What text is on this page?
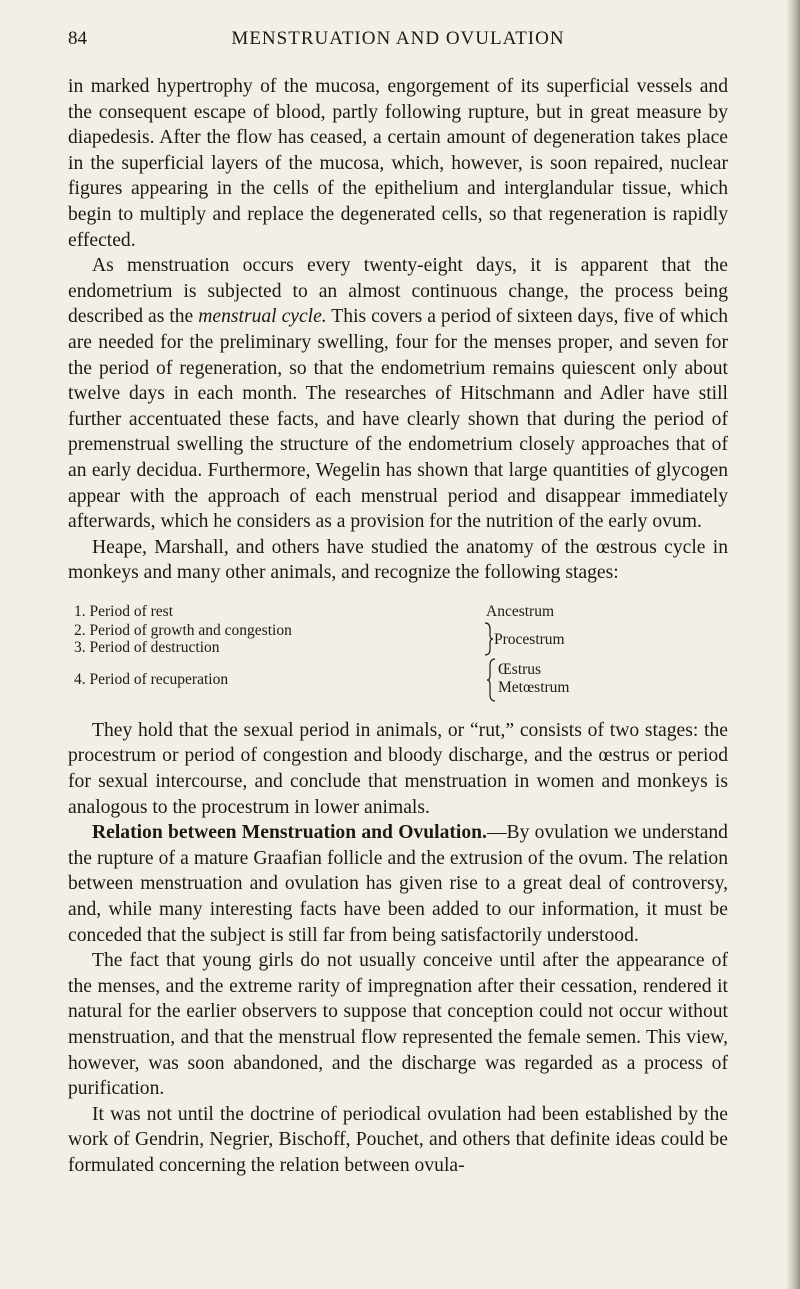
84	MENSTRUATION AND OVULATION

in marked hypertrophy of the mucosa, engorgement of its superficial vessels and the consequent escape of blood, partly following rupture, but in great measure by diapedesis. After the flow has ceased, a certain amount of degeneration takes place in the superficial layers of the mucosa, which, however, is soon repaired, nuclear figures appearing in the cells of the epithelium and interglandular tissue, which begin to multiply and replace the degenerated cells, so that regeneration is rapidly effected.

As menstruation occurs every twenty-eight days, it is apparent that the endometrium is subjected to an almost continuous change, the process being described as the menstrual cycle. This covers a period of sixteen days, five of which are needed for the preliminary swelling, four for the menses proper, and seven for the period of regeneration, so that the endometrium remains quiescent only about twelve days in each month. The researches of Hitschmann and Adler have still further accentuated these facts, and have clearly shown that during the period of premenstrual swelling the structure of the endometrium closely approaches that of an early decidua. Furthermore, Wegelin has shown that large quantities of glycogen appear with the approach of each menstrual period and disappear immediately afterwards, which he considers as a provision for the nutrition of the early ovum.

Heape, Marshall, and others have studied the anatomy of the œstrous cycle in monkeys and many other animals, and recognize the following stages:

1. Period of rest
2. Period of growth and congestion
3. Period of destruction
4. Period of recuperation
Ancestrum
Procestrum
Œstrus
Metœstrum

They hold that the sexual period in animals, or “rut,” consists of two stages: the procestrum or period of congestion and bloody discharge, and the œstrus or period for sexual intercourse, and conclude that menstruation in women and monkeys is analogous to the procestrum in lower animals.

Relation between Menstruation and Ovulation.—By ovulation we understand the rupture of a mature Graafian follicle and the extrusion of the ovum. The relation between menstruation and ovulation has given rise to a great deal of controversy, and, while many interesting facts have been added to our information, it must be conceded that the subject is still far from being satisfactorily understood.

The fact that young girls do not usually conceive until after the appearance of the menses, and the extreme rarity of impregnation after their cessation, rendered it natural for the earlier observers to suppose that conception could not occur without menstruation, and that the menstrual flow represented the female semen. This view, however, was soon abandoned, and the discharge was regarded as a process of purification.

It was not until the doctrine of periodical ovulation had been established by the work of Gendrin, Negrier, Bischoff, Pouchet, and others that definite ideas could be formulated concerning the relation between ovula-
